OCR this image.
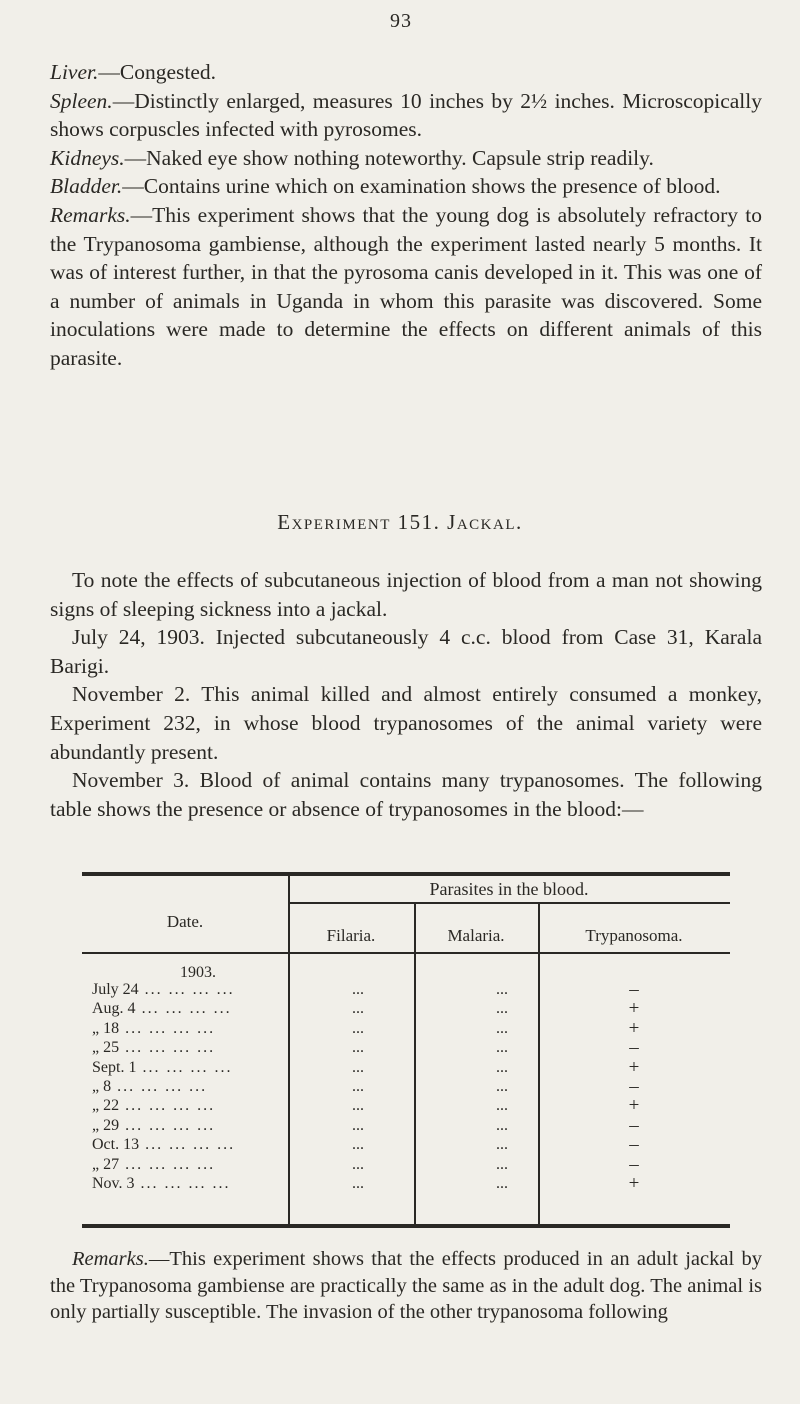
93

Liver.—Congested.

Spleen.—Distinctly enlarged, measures 10 inches by 2½ inches. Microscopically shows corpuscles infected with pyrosomes.

Kidneys.—Naked eye show nothing noteworthy. Capsule strip readily.

Bladder.—Contains urine which on examination shows the presence of blood.

Remarks.—This experiment shows that the young dog is absolutely refractory to the Trypanosoma gambiense, although the experiment lasted nearly 5 months. It was of interest further, in that the pyrosoma canis developed in it. This was one of a number of animals in Uganda in whom this parasite was discovered. Some inoculations were made to determine the effects on different animals of this parasite.

Experiment 151. Jackal.

To note the effects of subcutaneous injection of blood from a man not showing signs of sleeping sickness into a jackal.

July 24, 1903. Injected subcutaneously 4 c.c. blood from Case 31, Karala Barigi.

November 2. This animal killed and almost entirely consumed a monkey, Experiment 232, in whose blood trypanosomes of the animal variety were abundantly present.

November 3. Blood of animal contains many trypanosomes. The following table shows the presence or absence of trypanosomes in the blood:—

Date.
Parasites in the blood.
Filaria.	Malaria.	Trypanosoma.
1903.
July 24 ... ... ... ...	...	...	–
Aug. 4 ... ... ... ...	...	...	+
„ 18 ... ... ... ...	...	...	+
„ 25 ... ... ... ...	...	...	–
Sept. 1 ... ... ... ...	...	...	+
„ 8 ... ... ... ...	...	...	–
„ 22 ... ... ... ...	...	...	+
„ 29 ... ... ... ...	...	...	–
Oct. 13 ... ... ... ...	...	...	–
„ 27 ... ... ... ...	...	...	–
Nov. 3 ... ... ... ...	...	...	+

Remarks.—This experiment shows that the effects produced in an adult jackal by the Trypanosoma gambiense are practically the same as in the adult dog. The animal is only partially susceptible. The invasion of the other trypanosoma following
